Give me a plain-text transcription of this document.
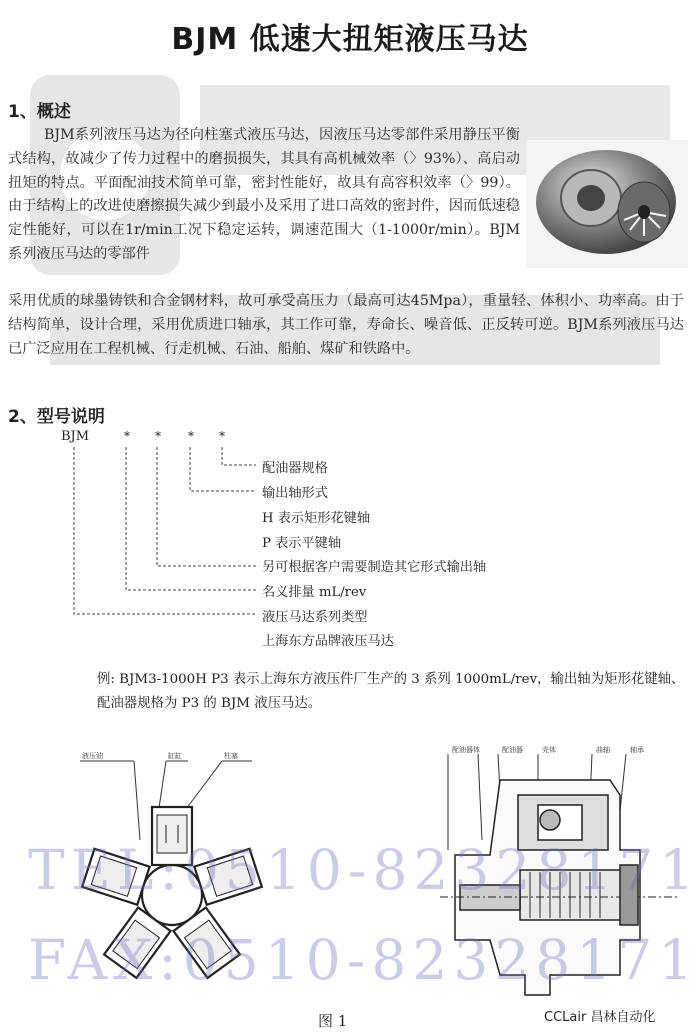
BJM 低速大扭矩液压马达
1、概述
BJM系列液压马达为径向柱塞式液压马达，因液压马达零部件采用静压平衡式结构，故减少了传力过程中的磨损损失，其具有高机械效率（〉93%）、高启动扭矩的特点。平面配油技术简单可靠，密封性能好，故具有高容积效率（〉99）。由于结构上的改进使磨擦损失减少到最小及采用了进口高效的密封件，因而低速稳定性能好，可以在1r/min工况下稳定运转，调速范围大（1-1000r/min）。BJM系列液压马达的零部件
采用优质的球墨铸铁和合金钢材料，故可承受高压力（最高可达45Mpa），重量轻、体积小、功率高。由于结构简单，设计合理，采用优质进口轴承，其工作可靠，寿命长、噪音低、正反转可逆。BJM系列液压马达已广泛应用在工程机械、行走机械、石油、船舶、煤矿和铁路中。
2、型号说明
BJM	* * * *
配油器规格
输出轴形式
H 表示矩形花键轴
P 表示平键轴
另可根据客户需要制造其它形式输出轴
名义排量 mL/rev
液压马达系列类型
上海东方品牌液压马达
例: BJM3-1000H P3 表示上海东方液压件厂生产的 3 系列 1000mL/rev，输出轴为矩形花键轴、配油器规格为 P3 的 BJM 液压马达。
液压油	缸缸	柱塞
配油器体	配油器	壳体	曲轴	轴承
TEL:0510-82328171
FAX:0510-82328171
图 1	CCLair 昌林自动化
